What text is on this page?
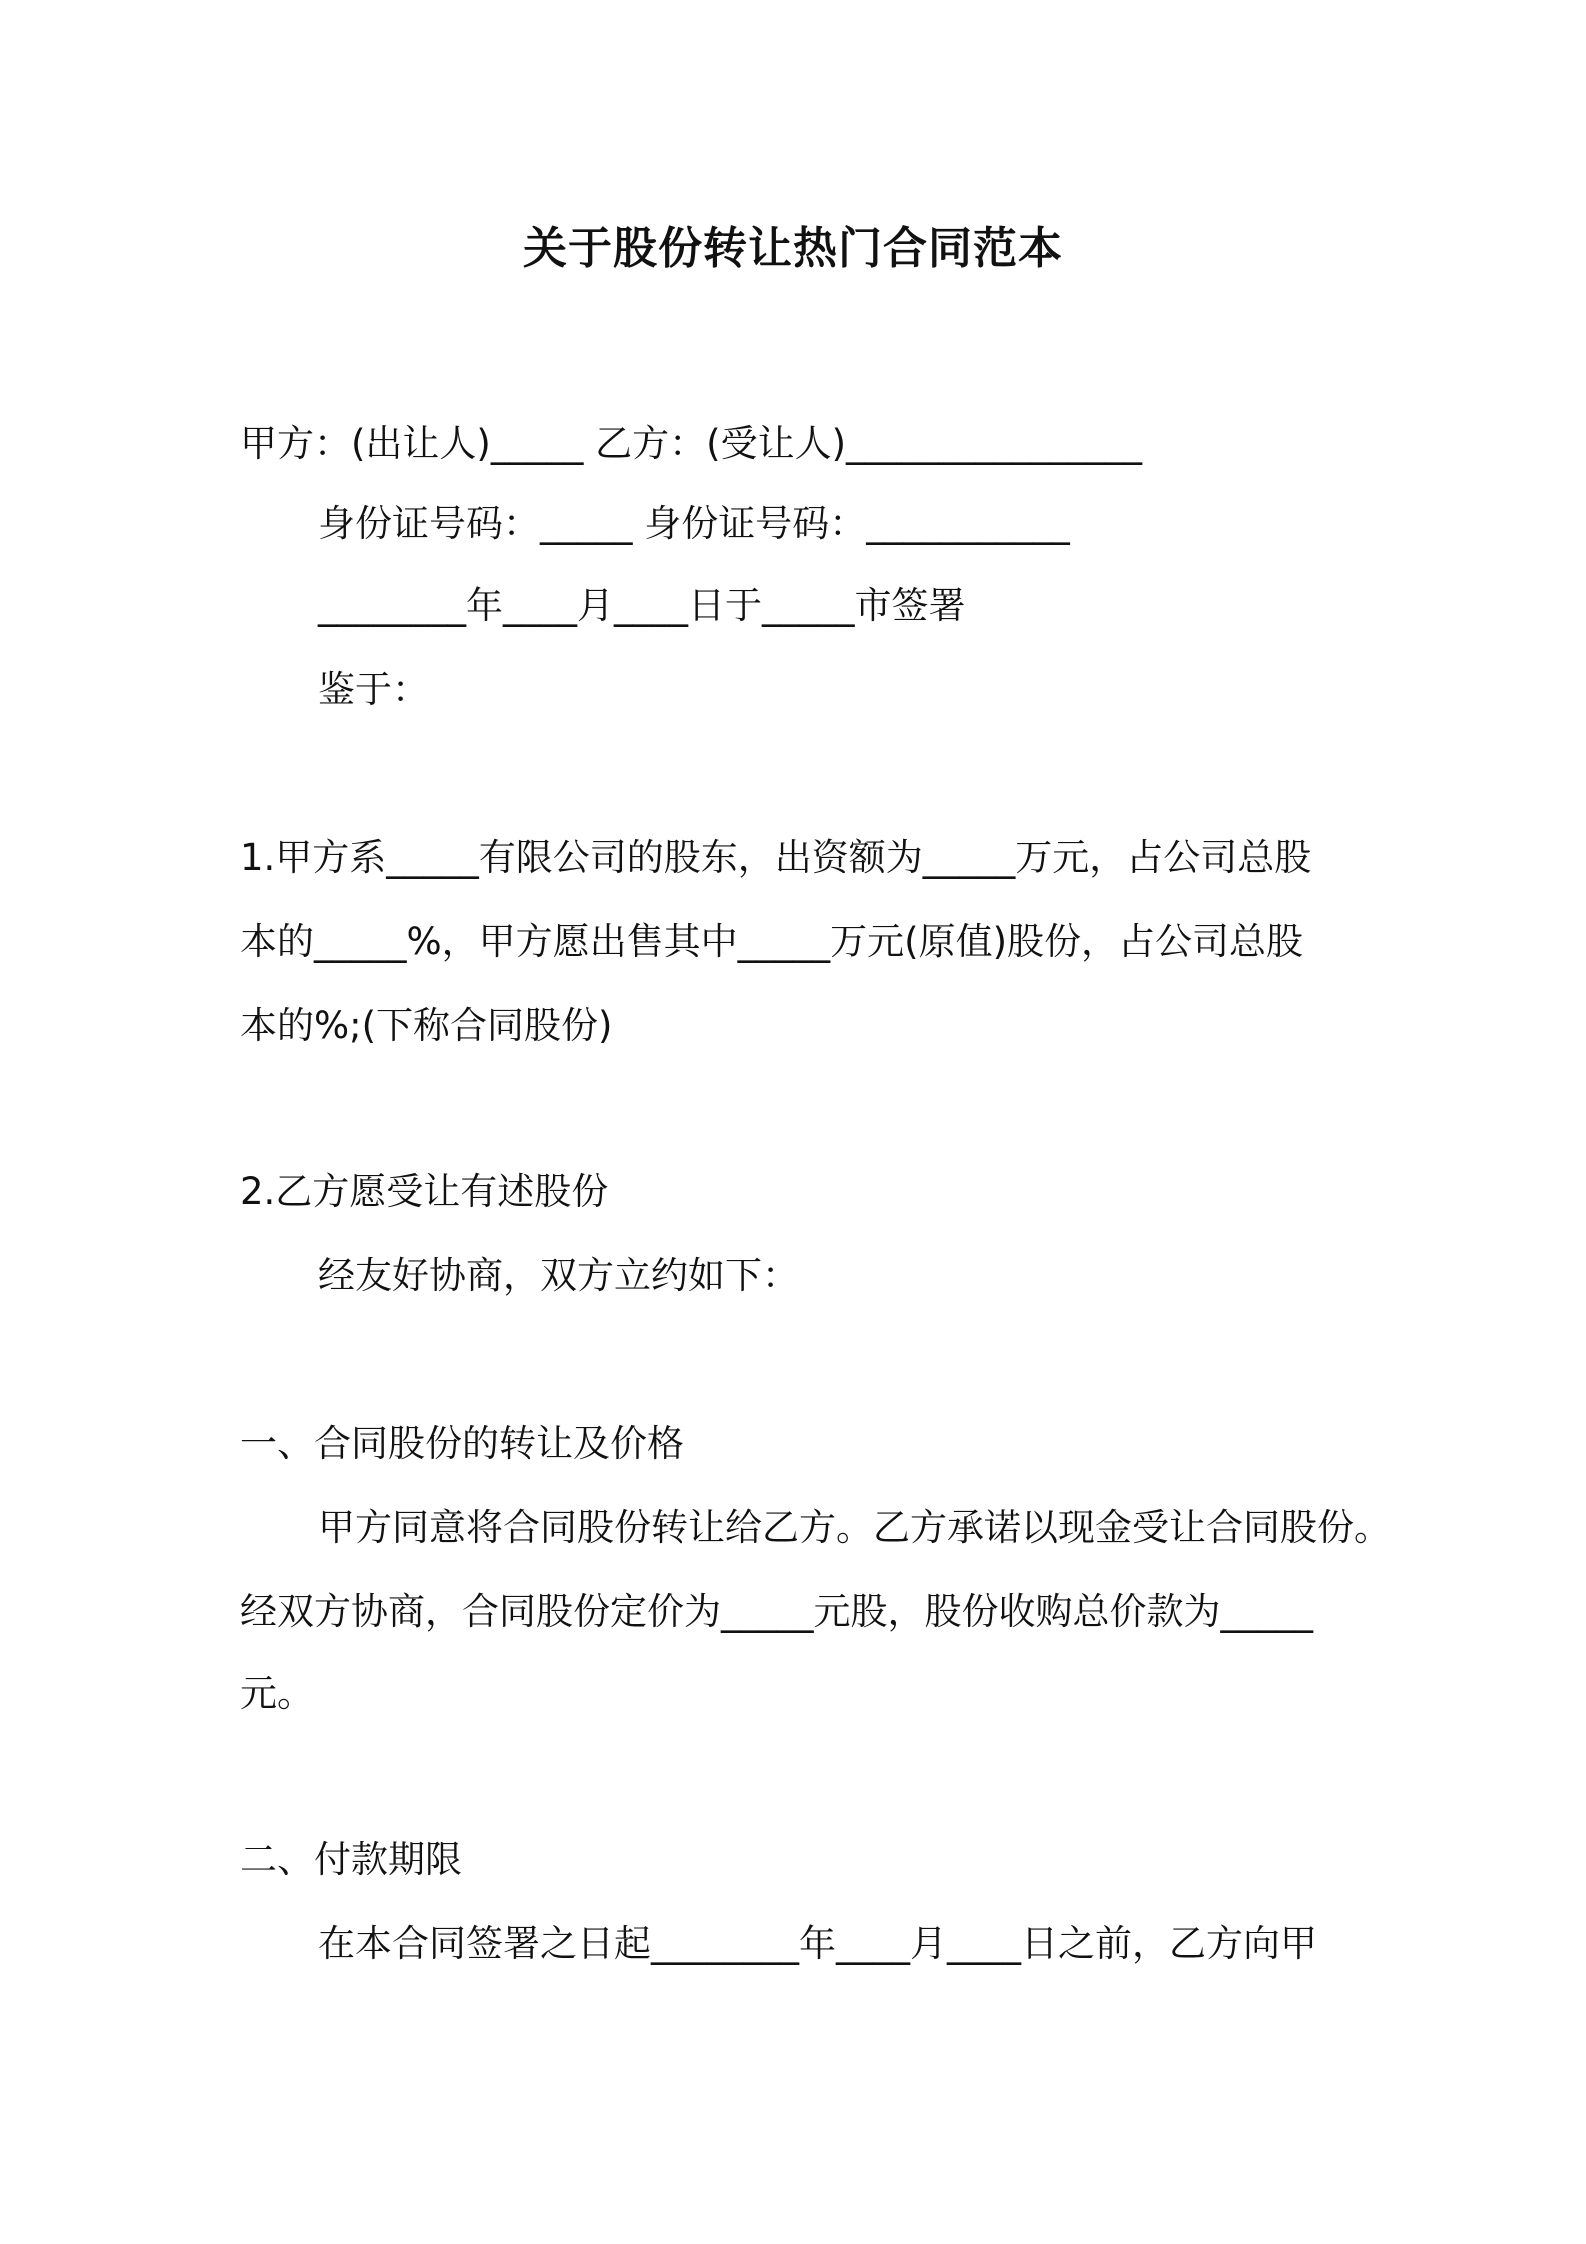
关于股份转让热门合同范本
甲方：(出让人)_____ 乙方：(受让人)________________
身份证号码：_____ 身份证号码：___________
________年____月____日于_____市签署
鉴于：
1.甲方系_____有限公司的股东，出资额为_____万元，占公司总股
本的_____%，甲方愿出售其中_____万元(原值)股份，占公司总股
本的%;(下称合同股份)
2.乙方愿受让有述股份
经友好协商，双方立约如下：
一、合同股份的转让及价格
甲方同意将合同股份转让给乙方。乙方承诺以现金受让合同股份。
经双方协商，合同股份定价为_____元股，股份收购总价款为_____
元。
二、付款期限
在本合同签署之日起________年____月____日之前，乙方向甲
